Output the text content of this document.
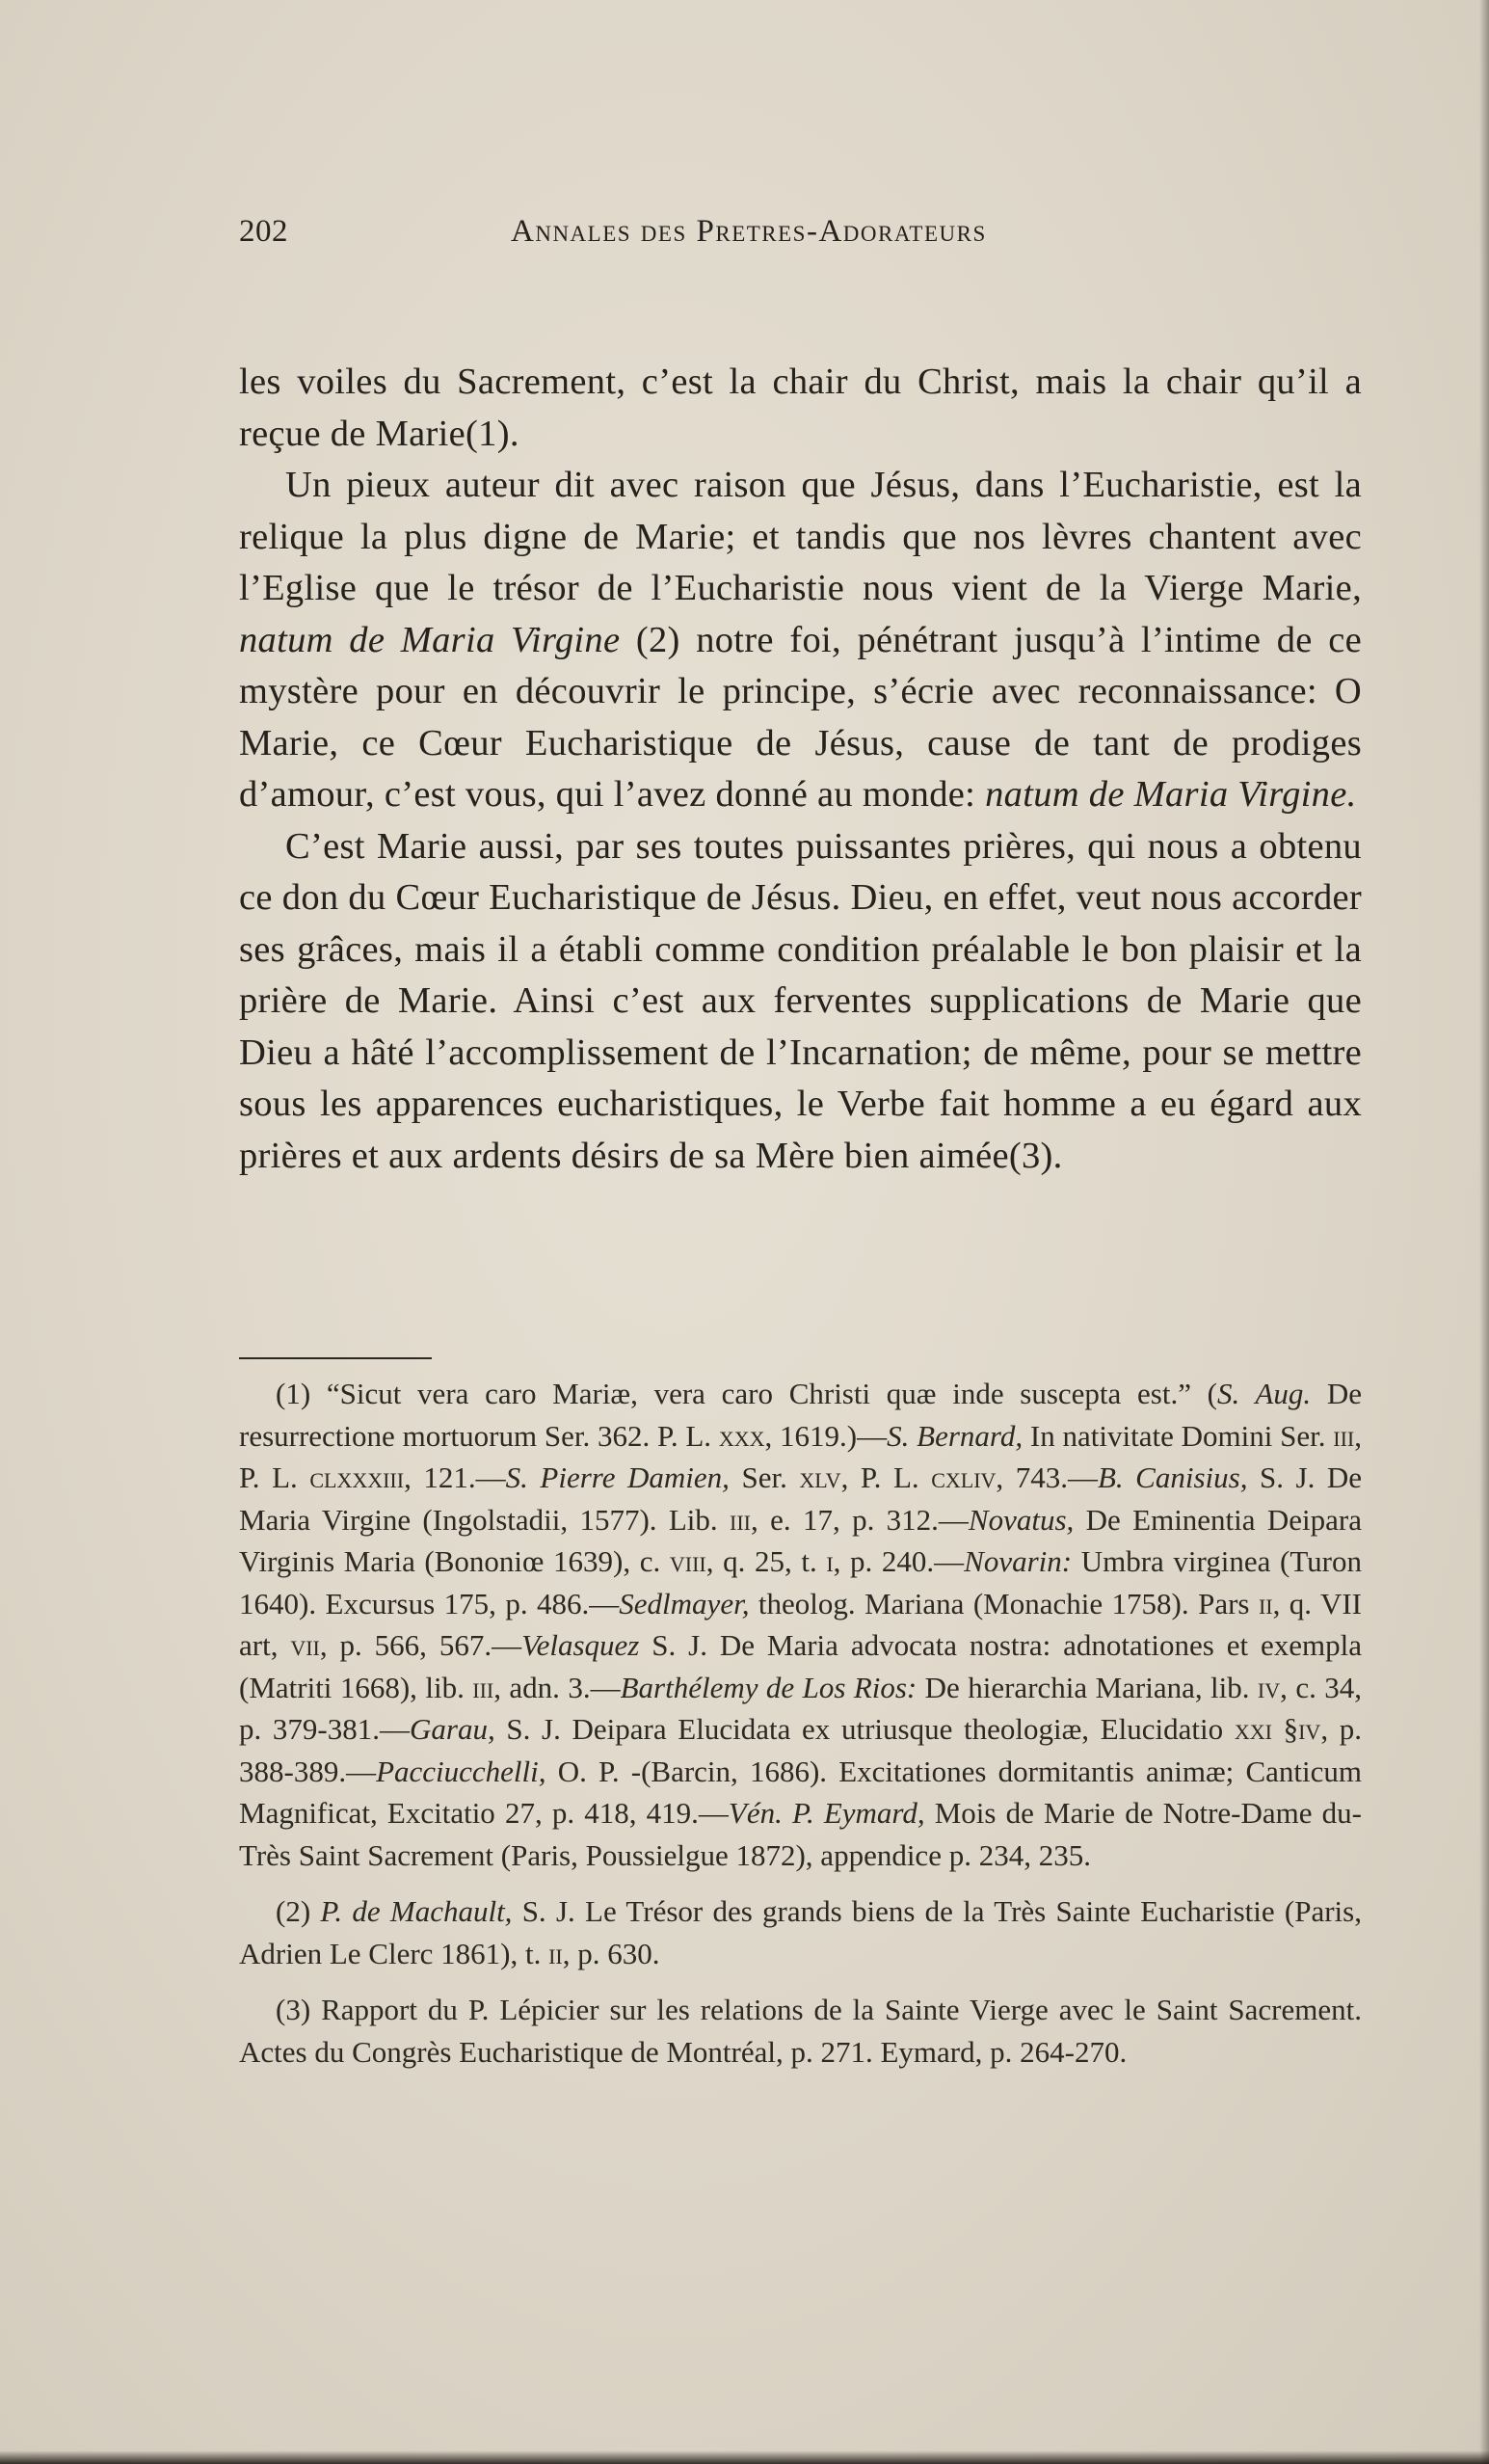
202	Annales des Pretres-Adorateurs

les voiles du Sacrement, c’est la chair du Christ, mais la chair qu’il a reçue de Marie(1).

Un pieux auteur dit avec raison que Jésus, dans l’Eucharistie, est la relique la plus digne de Marie; et tandis que nos lèvres chantent avec l’Eglise que le trésor de l’Eucharistie nous vient de la Vierge Marie, natum de Maria Virgine (2) notre foi, pénétrant jusqu’à l’intime de ce mystère pour en découvrir le principe, s’écrie avec reconnaissance: O Marie, ce Cœur Eucharistique de Jésus, cause de tant de prodiges d’amour, c’est vous, qui l’avez donné au monde: natum de Maria Virgine.

C’est Marie aussi, par ses toutes puissantes prières, qui nous a obtenu ce don du Cœur Eucharistique de Jésus. Dieu, en effet, veut nous accorder ses grâces, mais il a établi comme condition préalable le bon plaisir et la prière de Marie. Ainsi c’est aux ferventes supplications de Marie que Dieu a hâté l’accomplissement de l’Incarnation; de même, pour se mettre sous les apparences eucharistiques, le Verbe fait homme a eu égard aux prières et aux ardents désirs de sa Mère bien aimée(3).

(1) “Sicut vera caro Mariæ, vera caro Christi quæ inde suscepta est.” (S. Aug. De resurrectione mortuorum Ser. 362. P. L. xxx, 1619.)—S. Bernard, In nativitate Domini Ser. iii, P. L. clxxxiii, 121.—S. Pierre Damien, Ser. xlv, P. L. cxliv, 743.—B. Canisius, S. J. De Maria Virgine (Ingolstadii, 1577). Lib. iii, e. 17, p. 312.—Novatus, De Eminentia Deipara Virginis Maria (Bononiœ 1639), c. viii, q. 25, t. i, p. 240.—Novarin: Umbra virginea (Turon 1640). Excursus 175, p. 486.—Sedlmayer, theolog. Mariana (Monachie 1758). Pars ii, q. VII art, vii, p. 566, 567.—Velasquez S. J. De Maria advocata nostra: adnotationes et exempla (Matriti 1668), lib. iii, adn. 3.—Barthélemy de Los Rios: De hierarchia Mariana, lib. iv, c. 34, p. 379-381.—Garau, S. J. Deipara Elucidata ex utriusque theologiæ, Elucidatio xxi §iv, p. 388-389.—Pacciucchelli, O. P. -(Barcin, 1686). Excitationes dormitantis animæ; Canticum Magnificat, Excitatio 27, p. 418, 419.—Vén. P. Eymard, Mois de Marie de Notre-Dame du-Très Saint Sacrement (Paris, Poussielgue 1872), appendice p. 234, 235.

(2) P. de Machault, S. J. Le Trésor des grands biens de la Très Sainte Eucharistie (Paris, Adrien Le Clerc 1861), t. ii, p. 630.

(3) Rapport du P. Lépicier sur les relations de la Sainte Vierge avec le Saint Sacrement. Actes du Congrès Eucharistique de Montréal, p. 271. Eymard, p. 264-270.
